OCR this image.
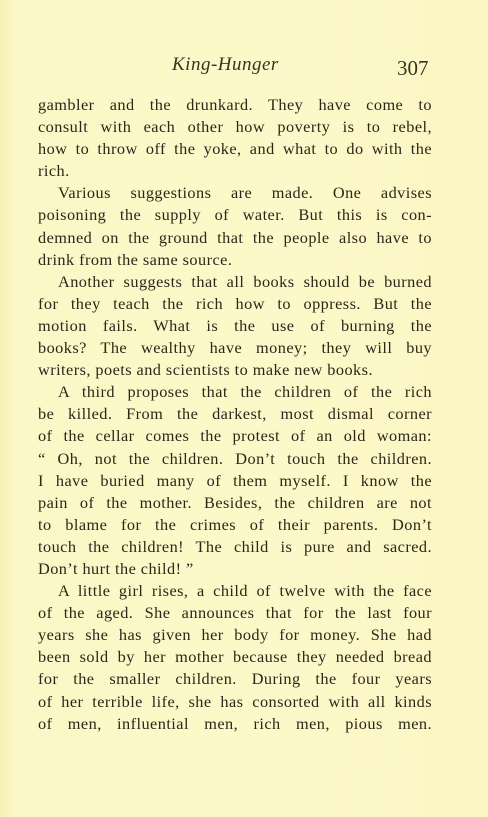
King-Hunger	307
gambler and the drunkard. They have come to
consult with each other how poverty is to rebel,
how to throw off the yoke, and what to do with the
rich.
Various suggestions are made. One advises
poisoning the supply of water. But this is con-
demned on the ground that the people also have to
drink from the same source.
Another suggests that all books should be burned
for they teach the rich how to oppress. But the
motion fails. What is the use of burning the
books? The wealthy have money; they will buy
writers, poets and scientists to make new books.
A third proposes that the children of the rich
be killed. From the darkest, most dismal corner
of the cellar comes the protest of an old woman:
“ Oh, not the children. Don’t touch the children.
I have buried many of them myself. I know the
pain of the mother. Besides, the children are not
to blame for the crimes of their parents. Don’t
touch the children! The child is pure and sacred.
Don’t hurt the child! ”
A little girl rises, a child of twelve with the face
of the aged. She announces that for the last four
years she has given her body for money. She had
been sold by her mother because they needed bread
for the smaller children. During the four years
of her terrible life, she has consorted with all kinds
of men, influential men, rich men, pious men.
